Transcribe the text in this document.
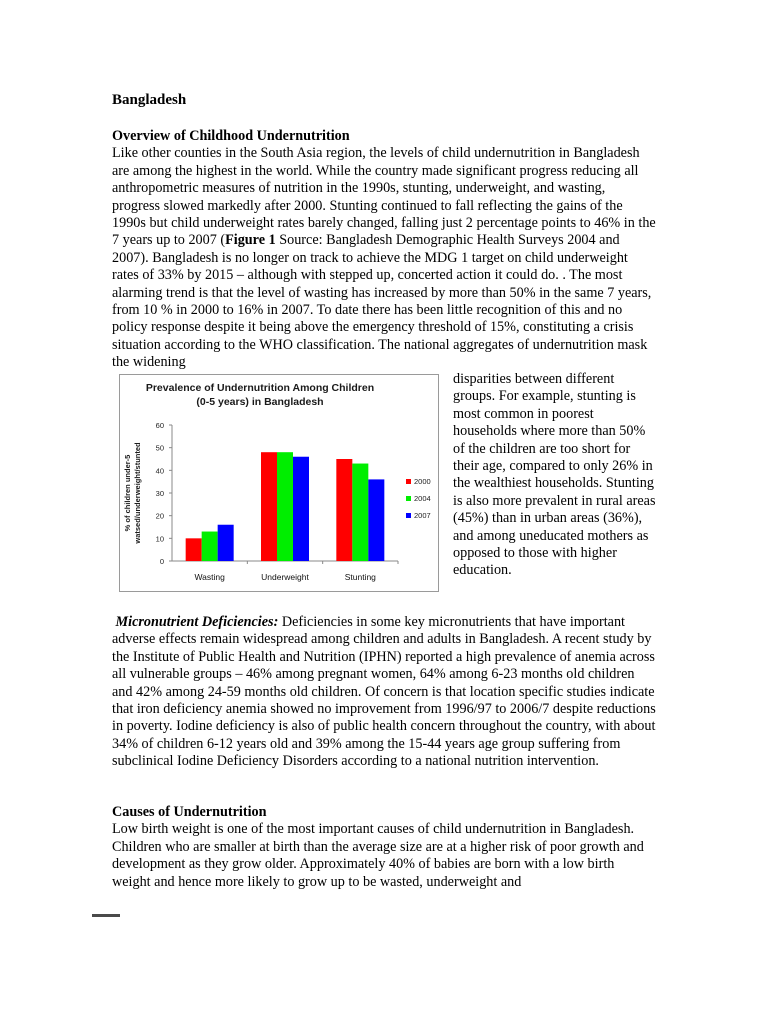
Bangladesh
Overview of Childhood Undernutrition

Like other counties in the South Asia region, the levels of child undernutrition in Bangladesh are among the highest in the world. While the country made significant progress reducing all anthropometric measures of nutrition in the 1990s, stunting, underweight, and wasting, progress slowed markedly after 2000. Stunting continued to fall reflecting the gains of the 1990s but child underweight rates barely changed, falling just 2 percentage points to 46% in the 7 years up to 2007 (Figure 1 Source: Bangladesh Demographic Health Surveys 2004 and 2007). Bangladesh is no longer on track to achieve the MDG 1 target on child underweight rates of 33% by 2015 – although with stepped up, concerted action it could do. . The most alarming trend is that the level of wasting has increased by more than 50% in the same 7 years, from 10 % in 2000 to 16% in 2007. To date there has been little recognition of this and no policy response despite it being above the emergency threshold of 15%, constituting a crisis situation according to the WHO classification. The national aggregates of undernutrition mask the widening

disparities between different groups. For example, stunting is most common in poorest households where more than 50% of the children are too short for their age, compared to only 26% in the wealthiest households. Stunting is also more prevalent in rural areas (45%) than in urban areas (36%), and among uneducated mothers as opposed to those with higher education.

Micronutrient Deficiencies: Deficiencies in some key micronutrients that have important adverse effects remain widespread among children and adults in Bangladesh. A recent study by the Institute of Public Health and Nutrition (IPHN) reported a high prevalence of anemia across all vulnerable groups – 46% among pregnant women, 64% among 6-23 months old children and 42% among 24-59 months old children. Of concern is that location specific studies indicate that iron deficiency anemia showed no improvement from 1996/97 to 2006/7 despite reductions in poverty. Iodine deficiency is also of public health concern throughout the country, with about 34% of children 6-12 years old and 39% among the 15-44 years age group suffering from subclinical Iodine Deficiency Disorders according to a national nutrition intervention.

Causes of Undernutrition

Low birth weight is one of the most important causes of child undernutrition in Bangladesh. Children who are smaller at birth than the average size are at a higher risk of poor growth and development as they grow older. Approximately 40% of babies are born with a low birth weight and hence more likely to grow up to be wasted, underweight and

Prevalence of Undernutrition Among Children
(0-5 years) in Bangladesh
% of children under-5 watsed/underweight/stunted
0
10
20
30
40
50
60
Wasting	Underweight	Stunting
2000
2004
2007
